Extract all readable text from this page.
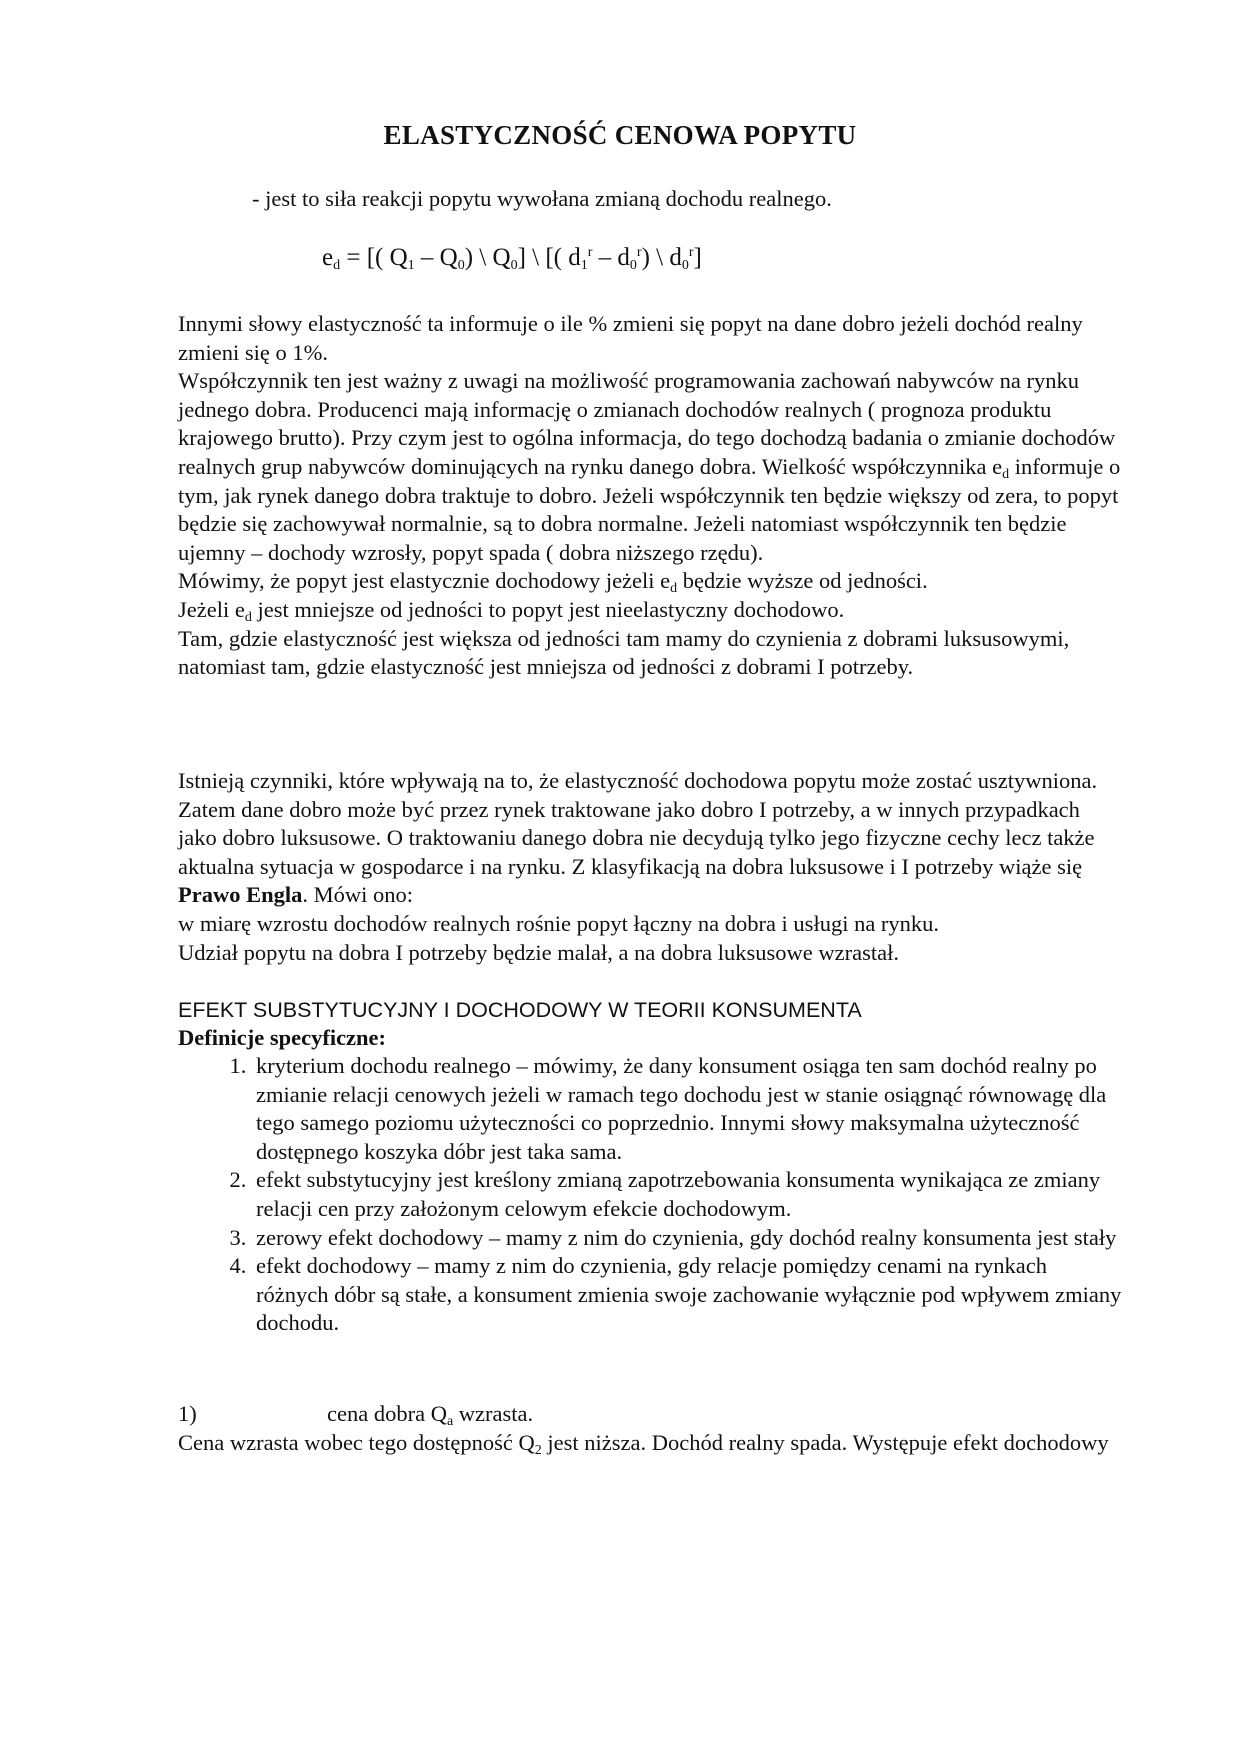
ELASTYCZNOŚĆ CENOWA POPYTU
- jest to siła reakcji popytu wywołana zmianą dochodu realnego.
$e_d$ = [( $Q_1 - Q_0$) \ $Q_0$] \ [( $d_1^r - d_0^r$) \ $d_0^r$]

Innymi słowy elastyczność ta informuje o ile % zmieni się popyt na dane dobro jeżeli dochód realny zmieni się o 1%.

Współczynnik ten jest ważny z uwagi na możliwość programowania zachowań nabywców na rynku jednego dobra. Producenci mają informację o zmianach dochodów realnych ( prognoza produktu krajowego brutto). Przy czym jest to ogólna informacja, do tego dochodzą badania o zmianie dochodów realnych grup nabywców dominujących na rynku danego dobra. Wielkość współczynnika $e_d$ informuje o tym, jak rynek danego dobra traktuje to dobro. Jeżeli współczynnik ten będzie większy od zera, to popyt będzie się zachowywał normalnie, są to dobra normalne. Jeżeli natomiast współczynnik ten będzie ujemny – dochody wzrosły, popyt spada ( dobra niższego rzędu).

Mówimy, że popyt jest elastycznie dochodowy jeżeli $e_d$ będzie wyższe od jedności.

Jeżeli $e_d$ jest mniejsze od jedności to popyt jest nieelastyczny dochodowo.

Tam, gdzie elastyczność jest większa od jedności tam mamy do czynienia z dobrami luksusowymi, natomiast tam, gdzie elastyczność jest mniejsza od jedności z dobrami I potrzeby.

Istnieją czynniki, które wpływają na to, że elastyczność dochodowa popytu może zostać usztywniona. Zatem dane dobro może być przez rynek traktowane jako dobro I potrzeby, a w innych przypadkach jako dobro luksusowe. O traktowaniu danego dobra nie decydują tylko jego fizyczne cechy lecz także aktualna sytuacja w gospodarce i na rynku. Z klasyfikacją na dobra luksusowe i I potrzeby wiąże się Prawo Engla. Mówi ono:

w miarę wzrostu dochodów realnych rośnie popyt łączny na dobra i usługi na rynku.

Udział popytu na dobra I potrzeby będzie malał, a na dobra luksusowe wzrastał.

EFEKT SUBSTYTUCYJNY I DOCHODOWY W TEORII KONSUMENTA
Definicje specyficzne:
1. kryterium dochodu realnego – mówimy, że dany konsument osiąga ten sam dochód realny po zmianie relacji cenowych jeżeli w ramach tego dochodu jest w stanie osiągnąć równowagę dla tego samego poziomu użyteczności co poprzednio. Innymi słowy maksymalna użyteczność dostępnego koszyka dóbr jest taka sama.
2. efekt substytucyjny jest kreślony zmianą zapotrzebowania konsumenta wynikająca ze zmiany relacji cen przy założonym celowym efekcie dochodowym.
3. zerowy efekt dochodowy – mamy z nim do czynienia, gdy dochód realny konsumenta jest stały
4. efekt dochodowy – mamy z nim do czynienia, gdy relacje pomiędzy cenami na rynkach różnych dóbr są stałe, a konsument zmienia swoje zachowanie wyłącznie pod wpływem zmiany dochodu.
1)	cena dobra $Q_a$ wzrasta.
Cena wzrasta wobec tego dostępność $Q_2$ jest niższa. Dochód realny spada. Występuje efekt dochodowy
